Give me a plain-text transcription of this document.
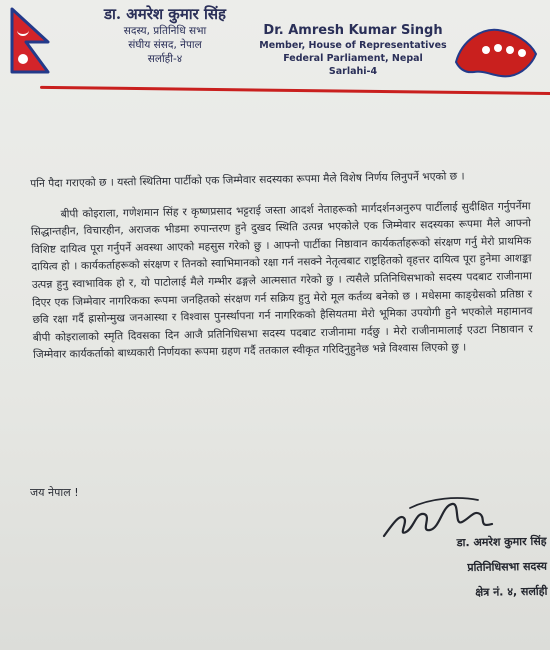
डा. अमरेश कुमार सिंह
सदस्य, प्रतिनिधि सभा
संघीय संसद, नेपाल
सर्लाही-४
Dr. Amresh Kumar Singh
Member, House of Representatives
Federal Parliament, Nepal
Sarlahi-4

पनि पैदा गराएको छ । यस्तो स्थितिमा पार्टीको एक जिम्मेवार सदस्यका रूपमा मैले विशेष निर्णय लिनुपर्ने भएको छ ।

बीपी कोइराला, गणेशमान सिंह र कृष्णप्रसाद भट्टराई जस्ता आदर्श नेताहरूको मार्गदर्शनअनुरुप पार्टीलाई सुदीक्षित गर्नुपर्नेमा सिद्धान्तहीन, विचारहीन, अराजक भीडमा रुपान्तरण हुने दुखद स्थिति उत्पन्न भएकोले एक जिम्मेवार सदस्यका रूपमा मैले आफ्नो विशिष्ट दायित्व पूरा गर्नुपर्ने अवस्था आएको महसुस गरेको छु । आफ्नो पार्टीका निष्ठावान कार्यकर्ताहरूको संरक्षण गर्नु मेरो प्राथमिक दायित्व हो । कार्यकर्ताहरूको संरक्षण र तिनको स्वाभिमानको रक्षा गर्न नसक्ने नेतृत्वबाट राष्ट्रहितको वृहत्तर दायित्व पूरा हुनेमा आशङ्का उत्पन्न हुनु स्वाभाविक हो र, यो पाटोलाई मैले गम्भीर ढङ्गले आत्मसात गरेको छु । त्यसैले प्रतिनिधिसभाको सदस्य पदबाट राजीनामा दिएर एक जिम्मेवार नागरिकका रूपमा जनहितको संरक्षण गर्न सक्रिय हुनु मेरो मूल कर्तव्य बनेको छ । मधेसमा काङ्ग्रेसको प्रतिष्ठा र छवि रक्षा गर्दै ह्रासोन्मुख जनआस्था र विश्वास पुनर्स्थापना गर्न नागरिकको हैसियतमा मेरो भूमिका उपयोगी हुने भएकोले महामानव बीपी कोइरालाको स्मृति दिवसका दिन आजै प्रतिनिधिसभा सदस्य पदबाट राजीनामा गर्दछु । मेरो राजीनामालाई एउटा निष्ठावान र जिम्मेवार कार्यकर्ताको बाध्यकारी निर्णयका रूपमा ग्रहण गर्दै ततकाल स्वीकृत गरिदिनुहुनेछ भन्ने विश्वास लिएको छु ।

जय नेपाल !
डा. अमरेश कुमार सिंह
प्रतिनिधिसभा सदस्य
क्षेत्र नं. ४, सर्लाही
